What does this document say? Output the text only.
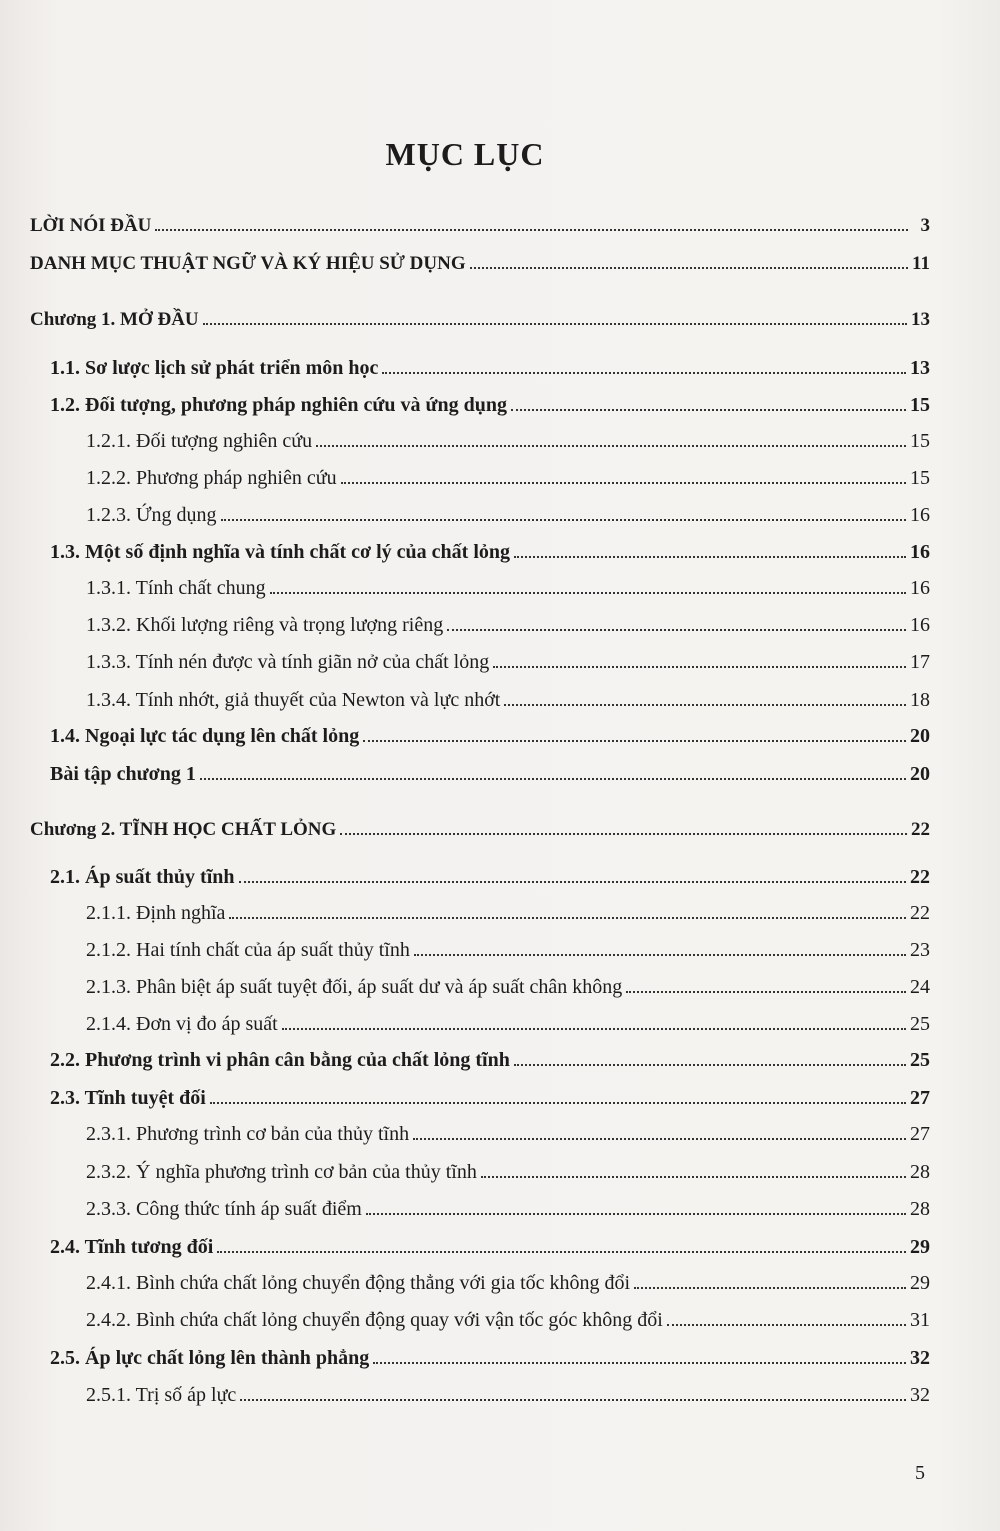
MỤC LỤC
LỜI NÓI ĐẦU	3
DANH MỤC THUẬT NGỮ VÀ KÝ HIỆU SỬ DỤNG	11
Chương 1. MỞ ĐẦU	13
1.1. Sơ lược lịch sử phát triển môn học	13
1.2. Đối tượng, phương pháp nghiên cứu và ứng dụng	15
1.2.1. Đối tượng nghiên cứu	15
1.2.2. Phương pháp nghiên cứu	15
1.2.3. Ứng dụng	16
1.3. Một số định nghĩa và tính chất cơ lý của chất lỏng	16
1.3.1. Tính chất chung	16
1.3.2. Khối lượng riêng và trọng lượng riêng	16
1.3.3. Tính nén được và tính giãn nở của chất lỏng	17
1.3.4. Tính nhớt, giả thuyết của Newton và lực nhớt	18
1.4. Ngoại lực tác dụng lên chất lỏng	20
Bài tập chương 1	20
Chương 2. TĨNH HỌC CHẤT LỎNG	22
2.1. Áp suất thủy tĩnh	22
2.1.1. Định nghĩa	22
2.1.2. Hai tính chất của áp suất thủy tĩnh	23
2.1.3. Phân biệt áp suất tuyệt đối, áp suất dư và áp suất chân không	24
2.1.4. Đơn vị đo áp suất	25
2.2. Phương trình vi phân cân bằng của chất lỏng tĩnh	25
2.3. Tĩnh tuyệt đối	27
2.3.1. Phương trình cơ bản của thủy tĩnh	27
2.3.2. Ý nghĩa phương trình cơ bản của thủy tĩnh	28
2.3.3. Công thức tính áp suất điểm	28
2.4. Tĩnh tương đối	29
2.4.1. Bình chứa chất lỏng chuyển động thẳng với gia tốc không đổi	29
2.4.2. Bình chứa chất lỏng chuyển động quay với vận tốc góc không đổi	31
2.5. Áp lực chất lỏng lên thành phẳng	32
2.5.1. Trị số áp lực	32
5
